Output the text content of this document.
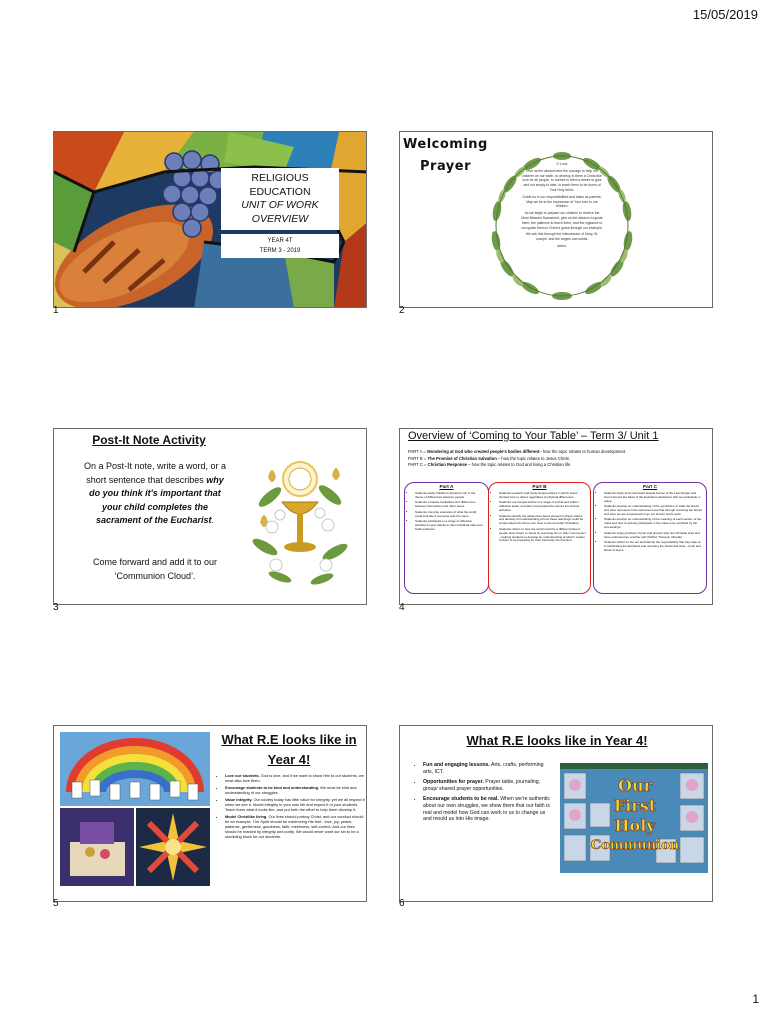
15/05/2019
RELIGIOUS
EDUCATION
UNIT OF WORK
OVERVIEW
YEAR 4T
TERM 3 - 2019
1
Welcoming
Prayer	O Lord,

Give us the wisdom and the courage to help our children on our earth, to develop in them a Christ-like love for all people, to nurture in them a desire to give and not simply to take, to teach them to be doers of Your Holy Word.

Guide us in our responsibilities and tasks as parents. May we be to the expression of Your love to our children.

As we begin to prepare our children to receive the Most Blessed Sacrament, give us the wisdom to guide them, the patience to teach them, and the vigilance to recognise them in Christ's grace through our example.

We ask this through the intercession of Mary, St. Joseph, and the angels and saints.

Amen.

2
Post-It Note Activity
On a Post-It note, write a word, or a short sentence that describes why do you think it's important that your child completes the sacrament of the Eucharist.
Come forward and add it to our ‘Communion Cloud’.
3
Overview of ‘Coming to Your Table’ – Term 3/ Unit 1
PART A = Wondering at God who created people's bodies different– how the topic relates to human development.
PART B = The Promise of Christian Salvation – how the topic relates to Jesus Christ.
PART C = Christian Response – how the topic relates to God and living a Christian life.
Part A
• Students study Children's literature rich in the theme of differences between people.
• Students compare similarities and differences between themselves and other peers.
• Students role play scenarios of what the world could look like if everyone was the same.
• Students participate in a range of reflective activities to give thanks to their individual traits and build resilience.
Part B
• Students research and study Gospel stories in which Jesus showed love to others regardless of physical differences.
• Students use Gospel stories in a range of verbal and written reflective tasks, and also incorporated the stories into drama activities.
• Students identify the values that Jesus showed in these stories and develop an understanding of how these teachings could be incorporated into those over lives to live as better Christians.
• Students reflect on how the world could be a different place if people drew closer to Jesus by receiving him in Holy Communion – helping students to develop an understanding of what it means to them to be preparing for their First Holy Communion.
Part C
• Students study and interpreted Gospel stories of the Last Supper and how it formed the basis of the Eucharist celebration that we participate in today.
• Students develop an understanding of the symbolism of what the bread and wine represent in the sacrament and that through receiving the bread and wine we are empowered to go out and do God's work.
• Students develop an understanding of the meaning of each section of the mass and how to actively participate in the mass to be enriched by the proceedings.
• Students study prophets of past and present who live Christian lives and have embraced as ‘another self’ (Mother Theresa, Oberah).
• Students reflect on the act and identify the responsibility that they take on in celebrating the Eucharist and receiving the bread and wine – body and blood of Jesus.
4
What R.E looks like in Year 4!
• Love our students. God is love, and if we want to show Him to our students, we must also love them.
• Encourage students to be kind and understanding. We must be kind and understanding of our struggles.
• Value integrity. Our society today has little value for integrity, yet we all respect it when we see it. Model integrity in your own life and expect it of your students. Teach them what it looks like, and put forth the effort to help them develop it.
• Model Christlike living. Our lives should portray Christ, and our conduct should be an example. The Spirit should be evidencing His fruit - love, joy, peace, patience, gentleness, goodness, faith, meekness, self-control. And our lives should be marked by integrity and purity. We would never want our sin to be a stumbling block for our students.
5
What R.E looks like in Year 4!
• Fun and engaging lessons. Arts, crafts, performing arts, ICT.
• Opportunities for prayer. Prayer table, journaling, group/ shared prayer opportunities.
• Encourage students to be real. When we're authentic about our own struggles, we show them that our faith is real and model how God can work in us to change us and mould us into His image.
Our
First
Holy
Communion
6
1
